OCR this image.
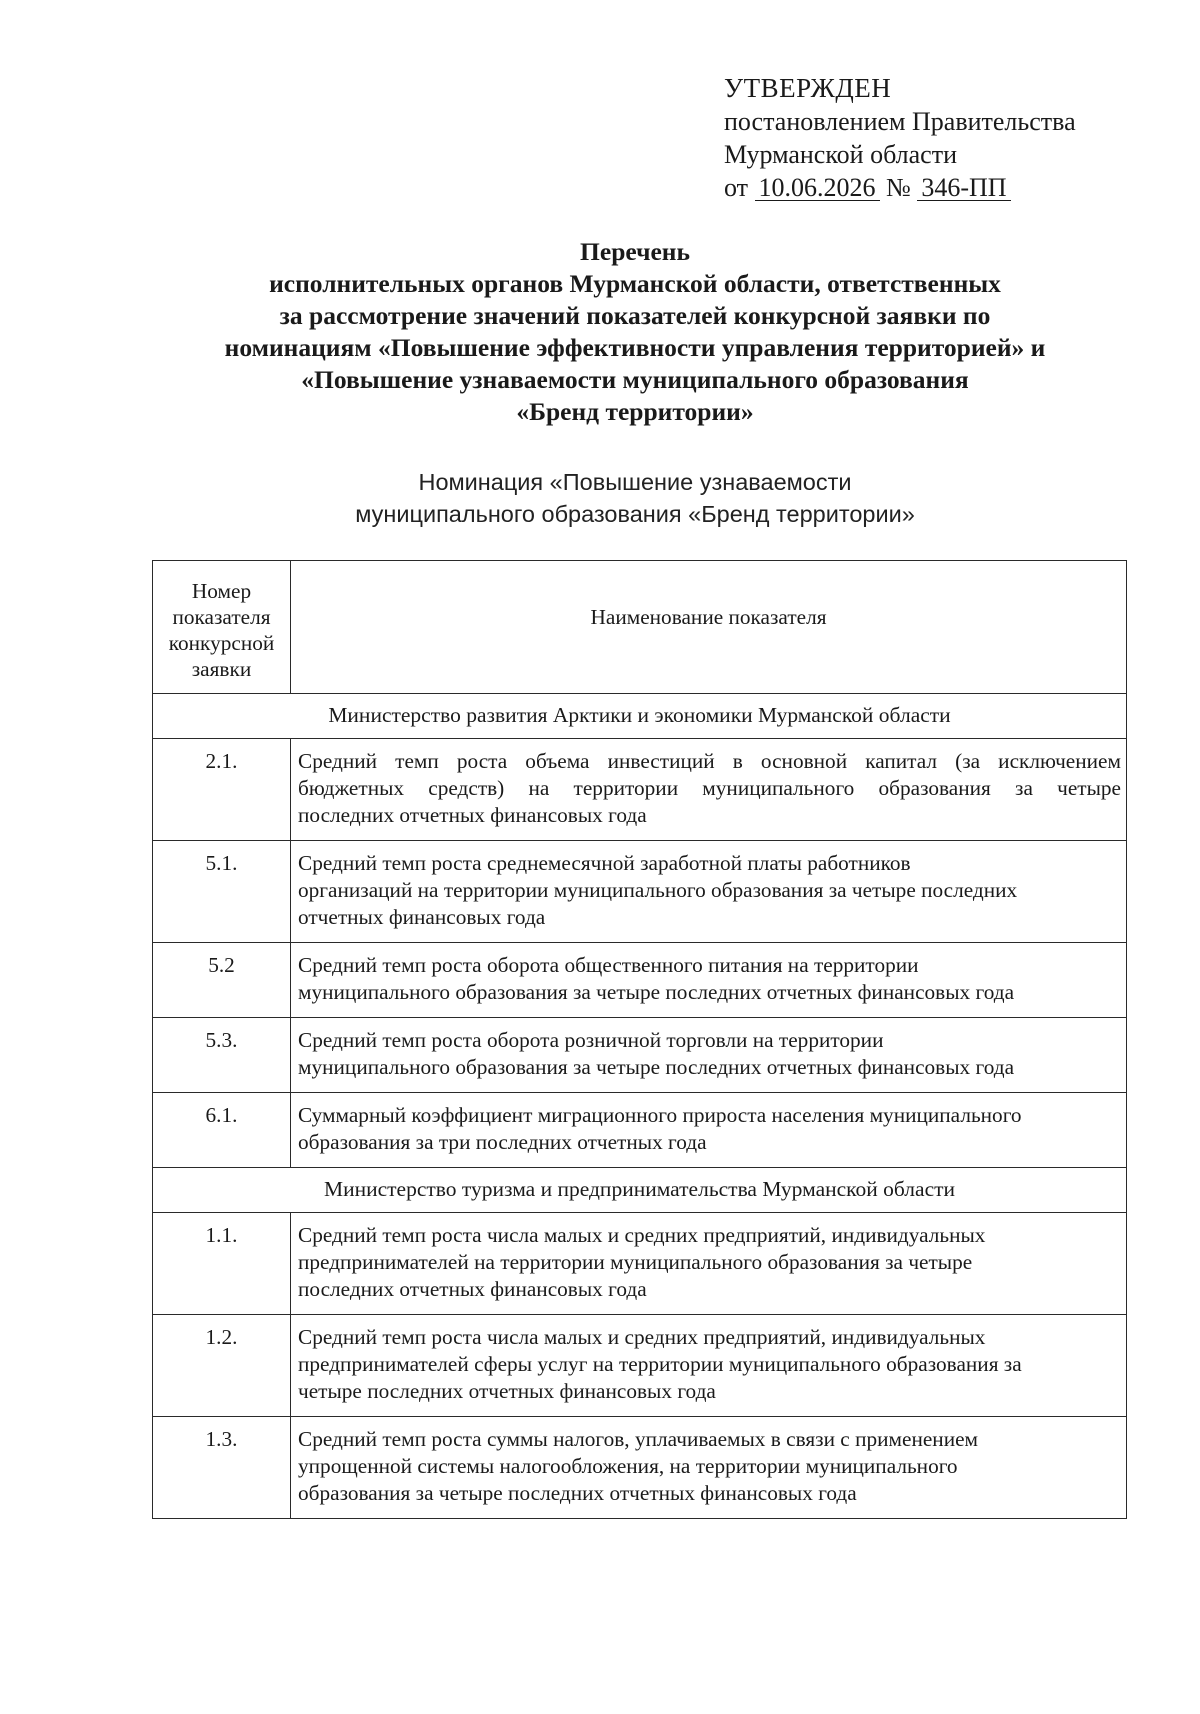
УТВЕРЖДЕН
постановлением Правительства
Мурманской области
от 10.06.2026 № 346-ПП
Перечень
исполнительных органов Мурманской области, ответственных
за рассмотрение значений показателей конкурсной заявки по
номинациям «Повышение эффективности управления территорией» и
«Повышение узнаваемости муниципального образования
«Бренд территории»
Номинация «Повышение узнаваемости
муниципального образования «Бренд территории»
Номер
показателя
конкурсной
заявки	Наименование показателя
Министерство развития Арктики и экономики Мурманской области	
2.1.	Средний темп роста объема инвестиций в основной капитал (за исключением
бюджетных средств) на территории муниципального образования за четыре
последних отчетных финансовых года

5.1.	Средний темп роста среднемесячной заработной платы работников
организаций на территории муниципального образования за четыре последних
отчетных финансовых года

5.2	Средний темп роста оборота общественного питания на территории
муниципального образования за четыре последних отчетных финансовых года

5.3.	Средний темп роста оборота розничной торговли на территории
муниципального образования за четыре последних отчетных финансовых года

6.1.	Суммарный коэффициент миграционного прироста населения муниципального
образования за три последних отчетных года

Министерство туризма и предпринимательства Мурманской области	
1.1.	Средний темп роста числа малых и средних предприятий, индивидуальных
предпринимателей на территории муниципального образования за четыре
последних отчетных финансовых года

1.2.	Средний темп роста числа малых и средних предприятий, индивидуальных
предпринимателей сферы услуг на территории муниципального образования за
четыре последних отчетных финансовых года

1.3.	Средний темп роста суммы налогов, уплачиваемых в связи с применением
упрощенной системы налогообложения, на территории муниципального
образования за четыре последних отчетных финансовых года
